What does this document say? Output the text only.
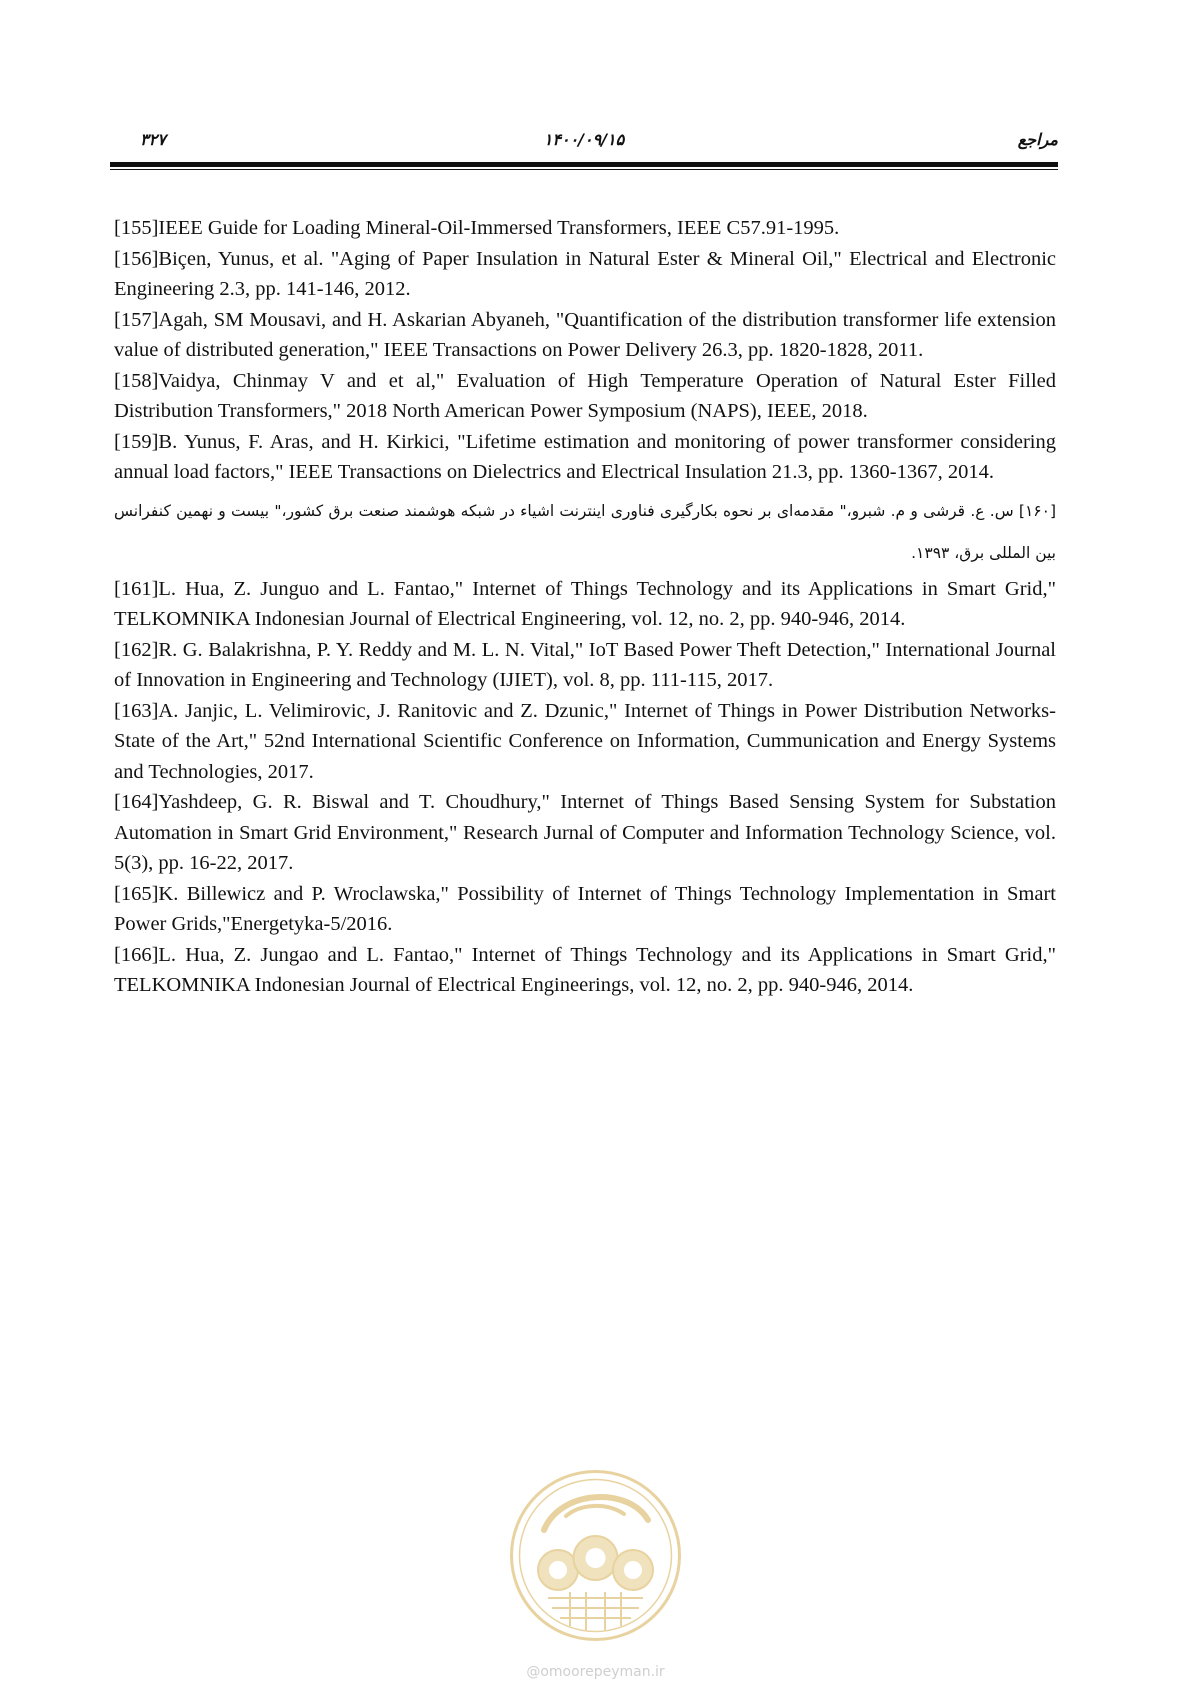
۳۲۷	۱۴۰۰/۰۹/۱۵	مراجع

[155]IEEE Guide for Loading Mineral-Oil-Immersed Transformers, IEEE C57.91-1995.

[156]Biçen, Yunus, et al. "Aging of Paper Insulation in Natural Ester & Mineral Oil," Electrical and Electronic Engineering 2.3, pp. 141-146, 2012.

[157]Agah, SM Mousavi, and H. Askarian Abyaneh, "Quantification of the distribution transformer life extension value of distributed generation," IEEE Transactions on Power Delivery 26.3, pp. 1820-1828, 2011.

[158]Vaidya, Chinmay V and et al," Evaluation of High Temperature Operation of Natural Ester Filled Distribution Transformers," 2018 North American Power Symposium (NAPS), IEEE, 2018.

[159]B. Yunus, F. Aras, and H. Kirkici, "Lifetime estimation and monitoring of power transformer considering annual load factors," IEEE Transactions on Dielectrics and Electrical Insulation 21.3, pp. 1360-1367, 2014.

[۱۶۰] س. ع. قرشی و م. شبرو،" مقدمه‌ای بر نحوه بکارگیری فناوری اینترنت اشیاء در شبکه هوشمند صنعت برق کشور،" بیست و نهمین کنفرانس بین المللی برق، ۱۳۹۳.

[161]L. Hua, Z. Junguo and L. Fantao," Internet of Things Technology and its Applications in Smart Grid," TELKOMNIKA Indonesian Journal of Electrical Engineering, vol. 12, no. 2, pp. 940-946, 2014.

[162]R. G. Balakrishna, P. Y. Reddy and M. L. N. Vital," IoT Based Power Theft Detection," International Journal of Innovation in Engineering and Technology (IJIET), vol. 8, pp. 111-115, 2017.

[163]A. Janjic, L. Velimirovic, J. Ranitovic and Z. Dzunic," Internet of Things in Power Distribution Networks-State of the Art," 52nd International Scientific Conference on Information, Cummunication and Energy Systems and Technologies, 2017.

[164]Yashdeep, G. R. Biswal and T. Choudhury," Internet of Things Based Sensing System for Substation Automation in Smart Grid Environment," Research Jurnal of Computer and Information Technology Science, vol. 5(3), pp. 16-22, 2017.

[165]K. Billewicz and P. Wroclawska," Possibility of Internet of Things Technology Implementation in Smart Power Grids,"Energetyka-5/2016.

[166]L. Hua, Z. Jungao and L. Fantao," Internet of Things Technology and its Applications in Smart Grid," TELKOMNIKA Indonesian Journal of Electrical Engineerings, vol. 12, no. 2, pp. 940-946, 2014.

@omoorepeyman.ir
